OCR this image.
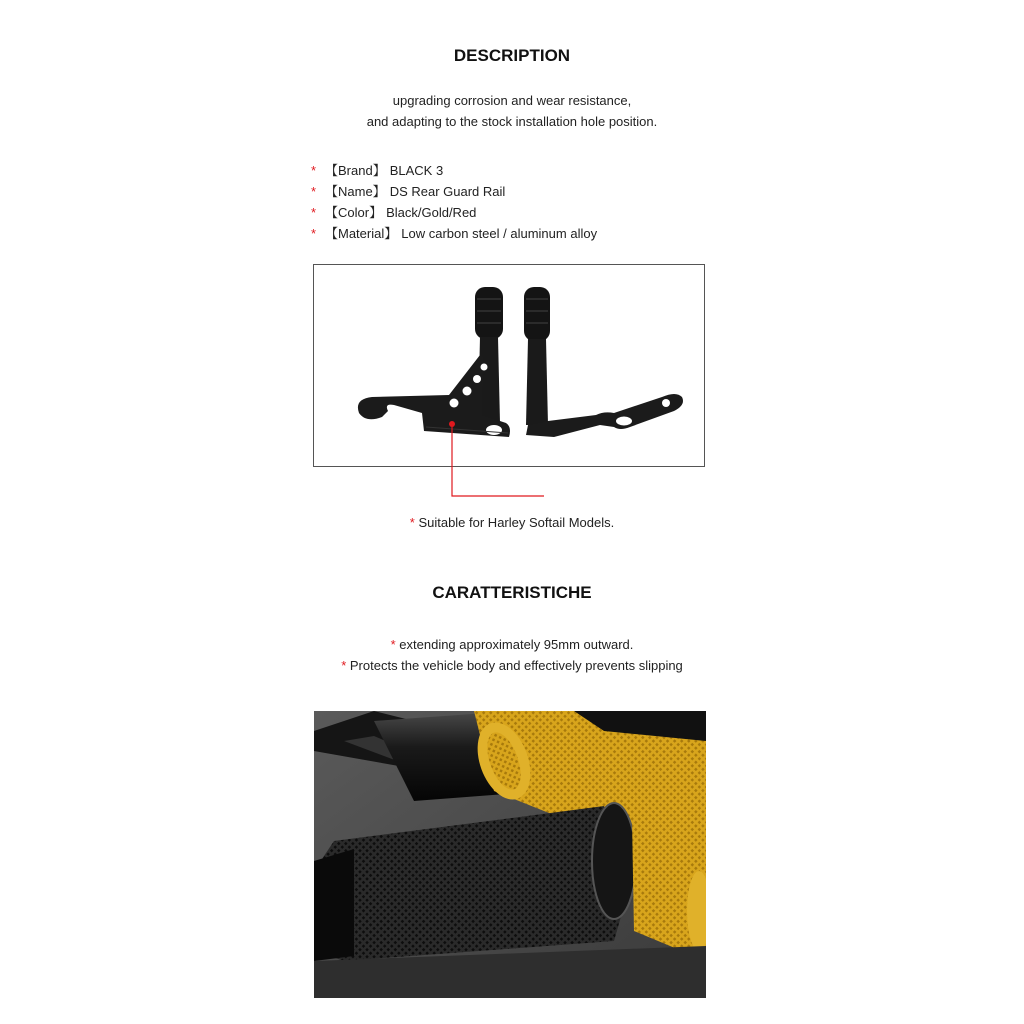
DESCRIPTION
upgrading corrosion and wear resistance,
and adapting to the stock installation hole position.
* 【Brand】 BLACK 3
* 【Name】 DS Rear Guard Rail
* 【Color】 Black/Gold/Red
* 【Material】 Low carbon steel / aluminum alloy
* Suitable for Harley Softail Models.
CARATTERISTICHE
* extending approximately 95mm outward.
* Protects the vehicle body and effectively prevents slipping
